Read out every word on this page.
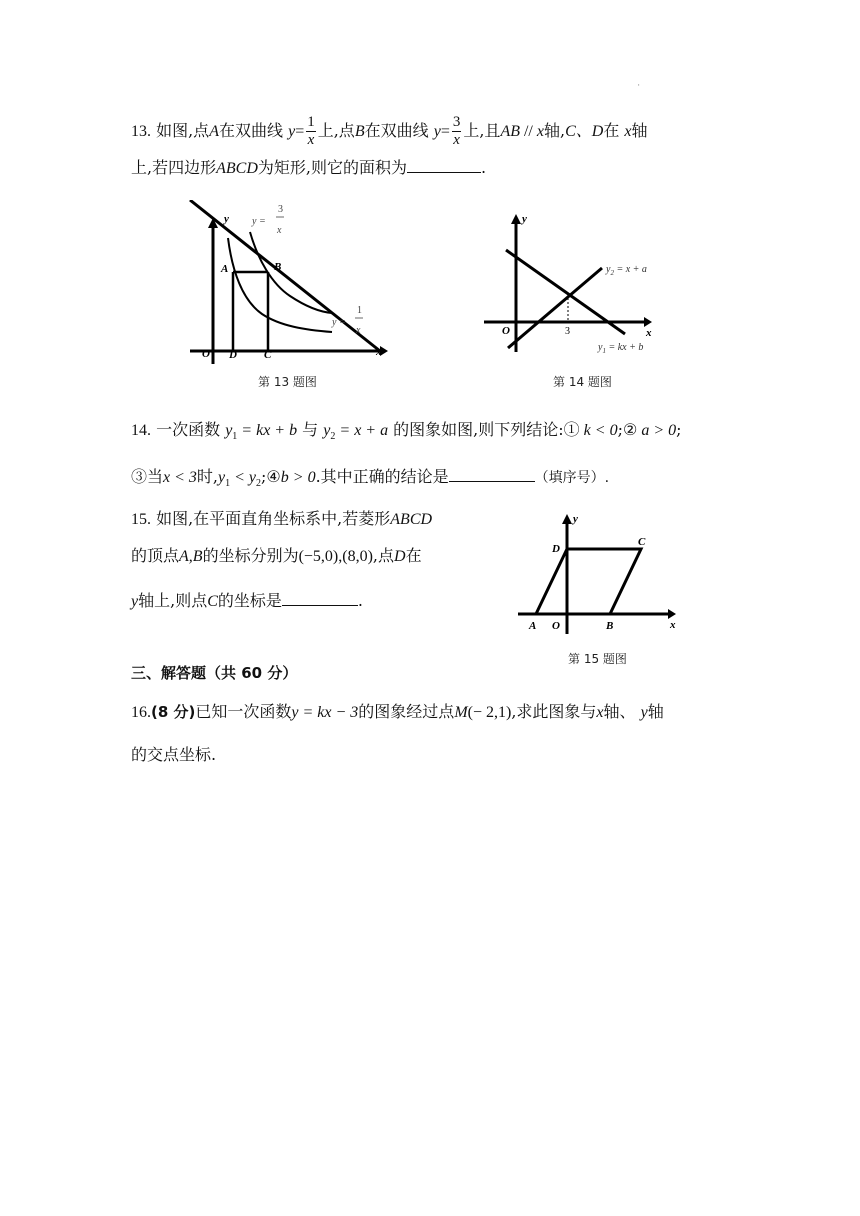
'
13. 如图,点A在双曲线 $y= \frac{1}{x}$ 上,点B在双曲线 $y= \frac{3}{x}$ 上,且AB // x轴,C、D在 x轴
上,若四边形ABCD为矩形,则它的面积为	.
y
x
O
A	B
C
D
y =
3
x
y =
1
x
第 13 题图
y
x
O	3
$y_2 = x + a$
$y_1$ = kx + b
第 14 题图
14. 一次函数 $y_1$ = kx + b 与 $y_2 = x + a$ 的图象如图,则下列结论:① k < 0;② a > 0;
③当x < 3时$,y_1$ < $y_2;④b > 0$.其中正确的结论是	（填序号）.
15. 如图,在平面直角坐标系中,若菱形ABCD
的顶点A,B的坐标分别为(−5,0),(8,0),点D在
y轴上,则点C的坐标是	.
y
x
O
A	B
C
D
第 15 题图
三、解答题（共 60 分）
16.(8 分)已知一次函数y = kx − 3的图象经过点M(− 2,1),求此图象与x轴、 y轴
的交点坐标.
